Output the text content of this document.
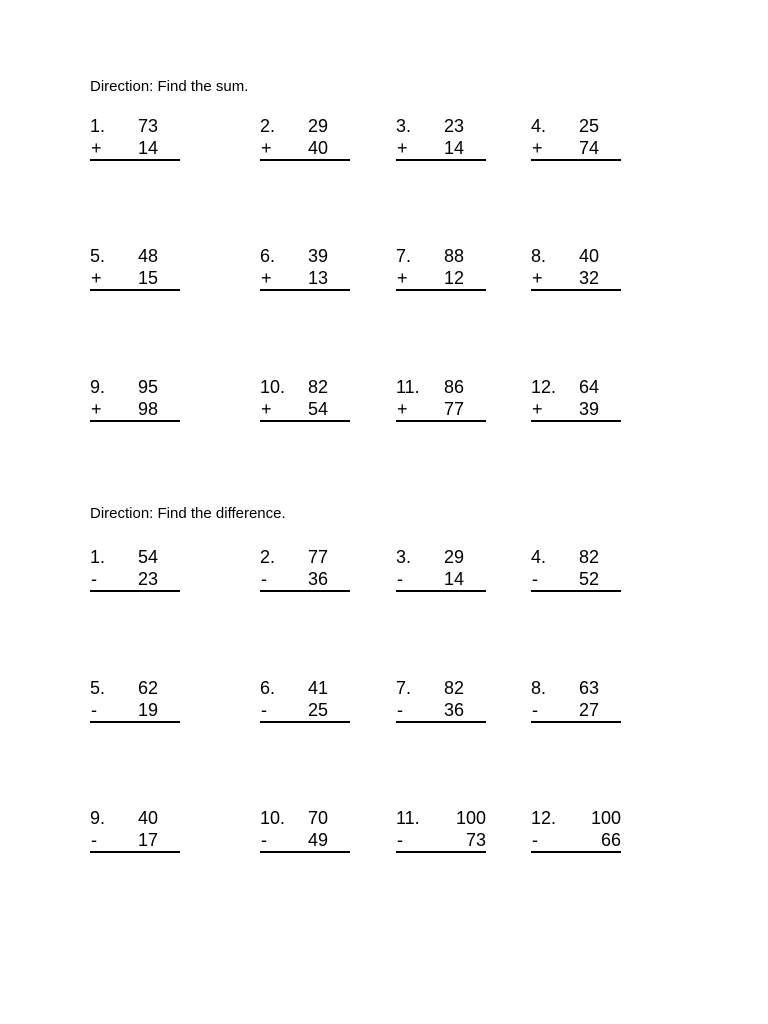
Direction: Find the sum.
1. 73
+ 14
2. 29
+ 40
3. 23
+ 14
4. 25
+ 74
5. 48
+ 15
6. 39
+ 13
7. 88
+ 12
8. 40
+ 32
9. 95
+ 98
10. 82
+ 54
11. 86
+ 77
12. 64
+ 39
Direction: Find the difference.
1. 54
- 23
2. 77
- 36
3. 29
- 14
4. 82
- 52
5. 62
- 19
6. 41
- 25
7. 82
- 36
8. 63
- 27
9. 40
- 17
10. 70
- 49
11. 100
-	73
12. 100
-	66
